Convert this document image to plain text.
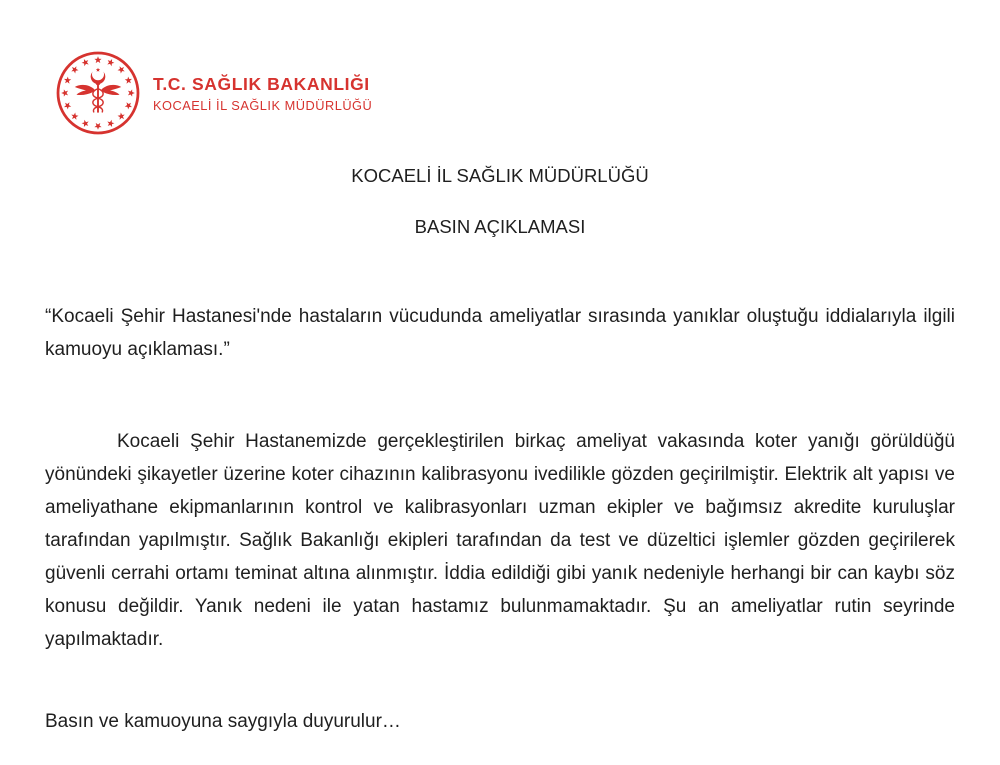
T.C. SAĞLIK BAKANLIĞI
KOCAELİ İL SAĞLIK MÜDÜRLÜĞÜ
KOCAELİ İL SAĞLIK MÜDÜRLÜĞÜ
BASIN AÇIKLAMASI

“Kocaeli Şehir Hastanesi'nde hastaların vücudunda ameliyatlar sırasında yanıklar oluştuğu iddialarıyla ilgili kamuoyu açıklaması.”

Kocaeli Şehir Hastanemizde gerçekleştirilen birkaç ameliyat vakasında koter yanığı görüldüğü yönündeki şikayetler üzerine koter cihazının kalibrasyonu ivedilikle gözden geçirilmiştir. Elektrik alt yapısı ve ameliyathane ekipmanlarının kontrol ve kalibrasyonları uzman ekipler ve bağımsız akredite kuruluşlar tarafından yapılmıştır. Sağlık Bakanlığı ekipleri tarafından da test ve düzeltici işlemler gözden geçirilerek güvenli cerrahi ortamı teminat altına alınmıştır. İddia edildiği gibi yanık nedeniyle herhangi bir can kaybı söz konusu değildir. Yanık nedeni ile yatan hastamız bulunmamaktadır. Şu an ameliyatlar rutin seyrinde yapılmaktadır.

Basın ve kamuoyuna saygıyla duyurulur…
